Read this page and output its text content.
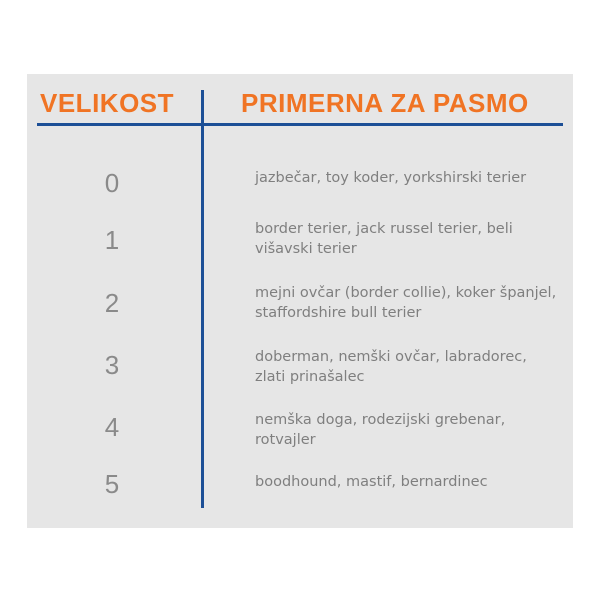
VELIKOST	PRIMERNA ZA PASMO
0	jazbečar, toy koder, yorkshirski terier
1	border terier, jack russel terier, beli višavski terier
2	mejni ovčar (border collie), koker španjel, staffordshire bull terier
3	doberman, nemški ovčar, labradorec, zlati prinašalec
4	nemška doga, rodezijski grebenar, rotvajler
5	boodhound, mastif, bernardinec
